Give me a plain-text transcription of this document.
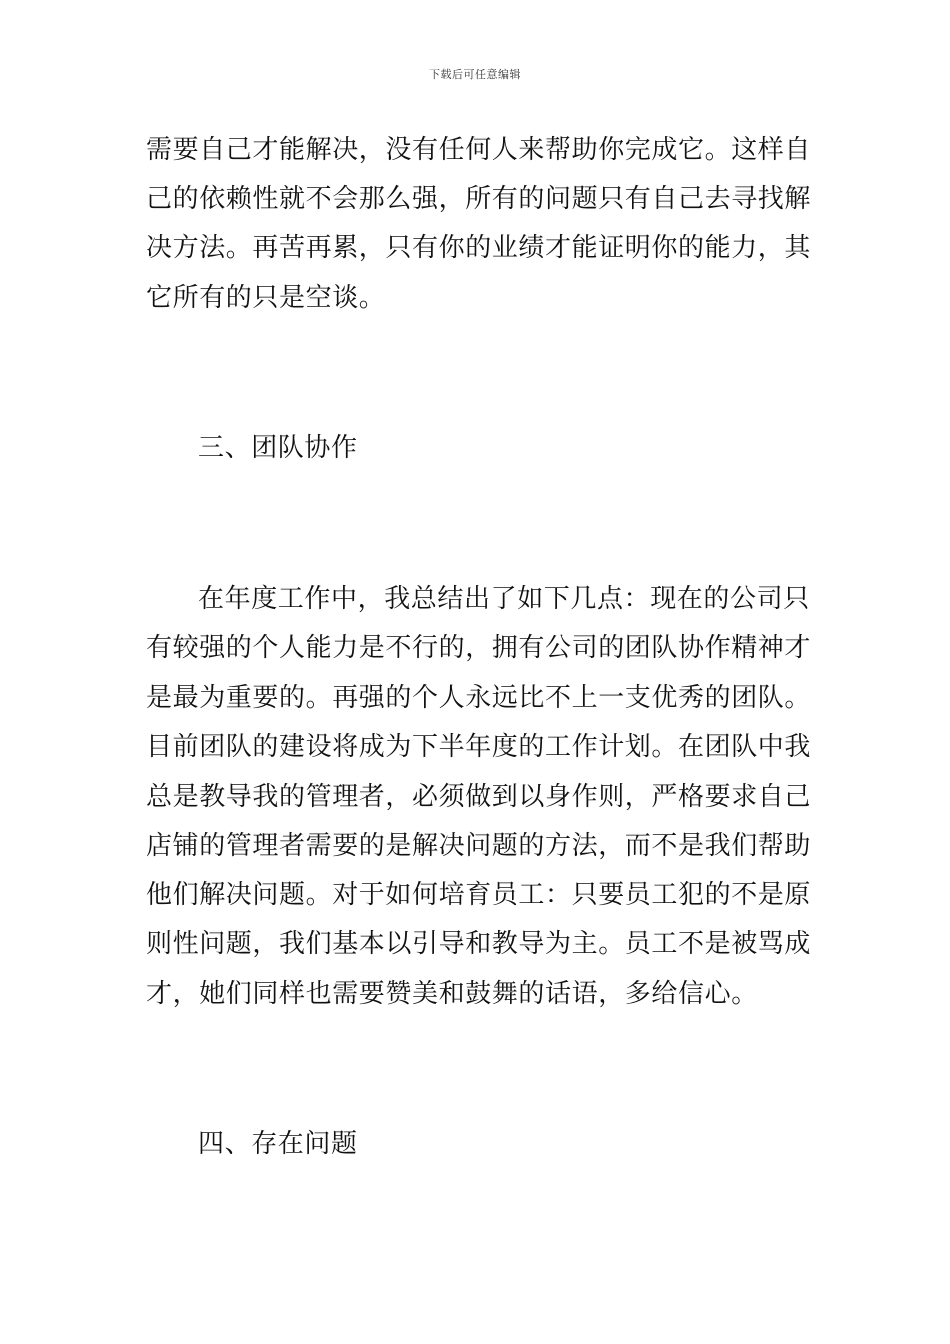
下载后可任意编辑
需要自己才能解决，没有任何人来帮助你完成它。这样自
己的依赖性就不会那么强，所有的问题只有自己去寻找解
决方法。再苦再累，只有你的业绩才能证明你的能力，其
它所有的只是空谈。
三、团队协作
在年度工作中，我总结出了如下几点：现在的公司只
有较强的个人能力是不行的，拥有公司的团队协作精神才
是最为重要的。再强的个人永远比不上一支优秀的团队。
目前团队的建设将成为下半年度的工作计划。在团队中我
总是教导我的管理者，必须做到以身作则，严格要求自己
店铺的管理者需要的是解决问题的方法，而不是我们帮助
他们解决问题。对于如何培育员工：只要员工犯的不是原
则性问题，我们基本以引导和教导为主。员工不是被骂成
才，她们同样也需要赞美和鼓舞的话语，多给信心。
四、存在问题
